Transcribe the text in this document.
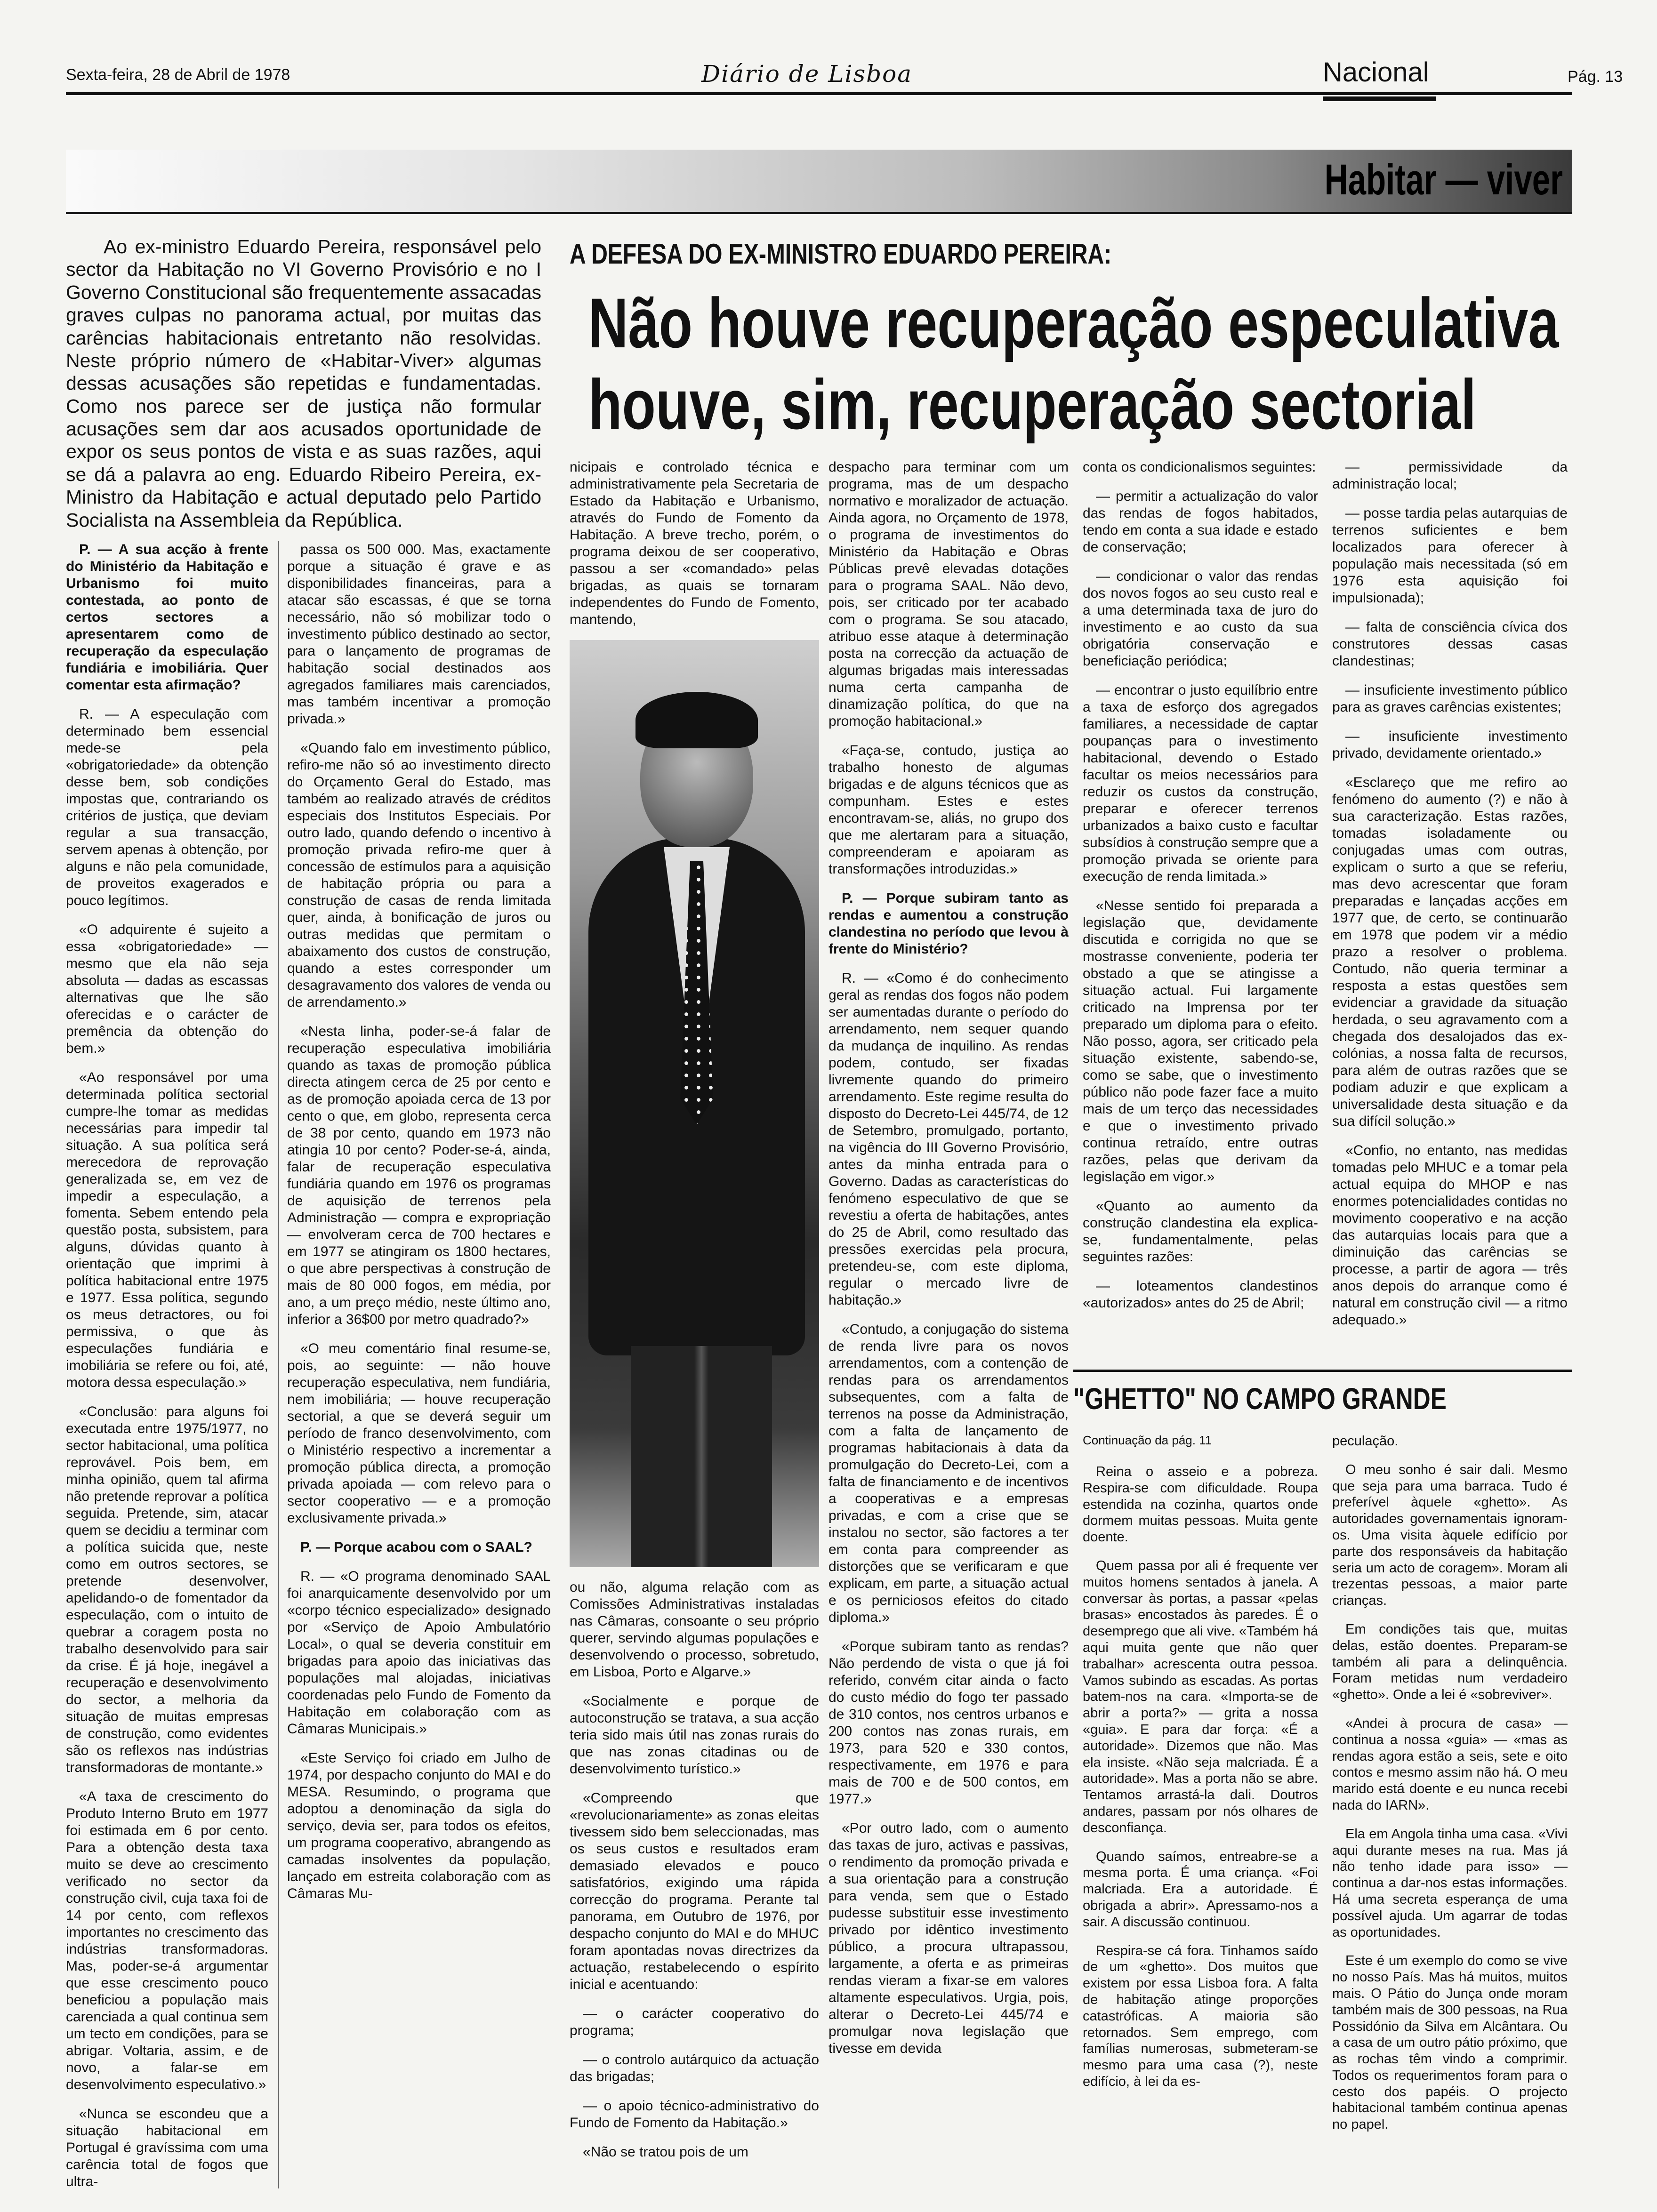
Sexta-feira, 28 de Abril de 1978	Diário de Lisboa	Nacional	Pág. 13
Habitar — viver
Ao ex-ministro Eduardo Pereira, responsável pelo sector da Habitação no VI Governo Provisório e no I Governo Constitucional são frequentemente assacadas graves culpas no panorama actual, por muitas das carências habitacionais entretanto não resolvidas. Neste próprio número de «Habitar-Viver» algumas dessas acusações são repetidas e fundamentadas. Como nos parece ser de justiça não formular acusações sem dar aos acusados oportunidade de expor os seus pontos de vista e as suas razões, aqui se dá a palavra ao eng. Eduardo Ribeiro Pereira, ex-Ministro da Habitação e actual deputado pelo Partido Socialista na Assembleia da República.
A DEFESA DO EX-MINISTRO EDUARDO PEREIRA:
Não houve recuperação especulativa
houve, sim, recuperação sectorial

P. — A sua acção à frente do Ministério da Habitação e Urbanismo foi muito contestada, ao ponto de certos sectores a apresentarem como de recuperação da especulação fundiária e imobiliária. Quer comentar esta afirmação?

R. — A especulação com determinado bem essencial mede-se pela «obrigatoriedade» da obtenção desse bem, sob condições impostas que, contrariando os critérios de justiça, que deviam regular a sua transacção, servem apenas à obtenção, por alguns e não pela comunidade, de proveitos exagerados e pouco legítimos.

«O adquirente é sujeito a essa «obrigatoriedade» — mesmo que ela não seja absoluta — dadas as escassas alternativas que lhe são oferecidas e o carácter de premência da obtenção do bem.»

«Ao responsável por uma determinada política sectorial cumpre-lhe tomar as medidas necessárias para impedir tal situação. A sua política será merecedora de reprovação generalizada se, em vez de impedir a especulação, a fomenta. Sebem entendo pela questão posta, subsistem, para alguns, dúvidas quanto à orientação que imprimi à política habitacional entre 1975 e 1977. Essa política, segundo os meus detractores, ou foi permissiva, o que às especulações fundiária e imobiliária se refere ou foi, até, motora dessa especulação.»

«Conclusão: para alguns foi executada entre 1975/1977, no sector habitacional, uma política reprovável. Pois bem, em minha opinião, quem tal afirma não pretende reprovar a política seguida. Pretende, sim, atacar quem se decidiu a terminar com a política suicida que, neste como em outros sectores, se pretende desenvolver, apelidando-o de fomentador da especulação, com o intuito de quebrar a coragem posta no trabalho desenvolvido para sair da crise. É já hoje, inegável a recuperação e desenvolvimento do sector, a melhoria da situação de muitas empresas de construção, como evidentes são os reflexos nas indústrias transformadoras de montante.»

«A taxa de crescimento do Produto Interno Bruto em 1977 foi estimada em 6 por cento. Para a obtenção desta taxa muito se deve ao crescimento verificado no sector da construção civil, cuja taxa foi de 14 por cento, com reflexos importantes no crescimento das indústrias transformadoras. Mas, poder-se-á argumentar que esse crescimento pouco beneficiou a população mais carenciada a qual continua sem um tecto em condições, para se abrigar. Voltaria, assim, e de novo, a falar-se em desenvolvimento especulativo.»

«Nunca se escondeu que a situação habitacional em Portugal é gravíssima com uma carência total de fogos que ultra-

passa os 500 000. Mas, exactamente porque a situação é grave e as disponibilidades financeiras, para a atacar são escassas, é que se torna necessário, não só mobilizar todo o investimento público destinado ao sector, para o lançamento de programas de habitação social destinados aos agregados familiares mais carenciados, mas também incentivar a promoção privada.»

«Quando falo em investimento público, refiro-me não só ao investimento directo do Orçamento Geral do Estado, mas também ao realizado através de créditos especiais dos Institutos Especiais. Por outro lado, quando defendo o incentivo à promoção privada refiro-me quer à concessão de estímulos para a aquisição de habitação própria ou para a construção de casas de renda limitada quer, ainda, à bonificação de juros ou outras medidas que permitam o abaixamento dos custos de construção, quando a estes corresponder um desagravamento dos valores de venda ou de arrendamento.»

«Nesta linha, poder-se-á falar de recuperação especulativa imobiliária quando as taxas de promoção pública directa atingem cerca de 25 por cento e as de promoção apoiada cerca de 13 por cento o que, em globo, representa cerca de 38 por cento, quando em 1973 não atingia 10 por cento? Poder-se-á, ainda, falar de recuperação especulativa fundiária quando em 1976 os programas de aquisição de terrenos pela Administração — compra e expropriação — envolveram cerca de 700 hectares e em 1977 se atingiram os 1800 hectares, o que abre perspectivas à construção de mais de 80 000 fogos, em média, por ano, a um preço médio, neste último ano, inferior a 36$00 por metro quadrado?»

«O meu comentário final resume-se, pois, ao seguinte: — não houve recuperação especulativa, nem fundiária, nem imobiliária; — houve recuperação sectorial, a que se deverá seguir um período de franco desenvolvimento, com o Ministério respectivo a incrementar a promoção pública directa, a promoção privada apoiada — com relevo para o sector cooperativo — e a promoção exclusivamente privada.»

P. — Porque acabou com o SAAL?

R. — «O programa denominado SAAL foi anarquicamente desenvolvido por um «corpo técnico especializado» designado por «Serviço de Apoio Ambulatório Local», o qual se deveria constituir em brigadas para apoio das iniciativas das populações mal alojadas, iniciativas coordenadas pelo Fundo de Fomento da Habitação em colaboração com as Câmaras Municipais.»

«Este Serviço foi criado em Julho de 1974, por despacho conjunto do MAI e do MESA. Resumindo, o programa que adoptou a denominação da sigla do serviço, devia ser, para todos os efeitos, um programa cooperativo, abrangendo as camadas insolventes da população, lançado em estreita colaboração com as Câmaras Mu-

nicipais e controlado técnica e administrativamente pela Secretaria de Estado da Habitação e Urbanismo, através do Fundo de Fomento da Habitação. A breve trecho, porém, o programa deixou de ser cooperativo, passou a ser «comandado» pelas brigadas, as quais se tornaram independentes do Fundo de Fomento, mantendo,

ou não, alguma relação com as Comissões Administrativas instaladas nas Câmaras, consoante o seu próprio querer, servindo algumas populações e desenvolvendo o processo, sobretudo, em Lisboa, Porto e Algarve.»

«Socialmente e porque de autoconstrução se tratava, a sua acção teria sido mais útil nas zonas rurais do que nas zonas citadinas ou de desenvolvimento turístico.»

«Compreendo que «revolucionariamente» as zonas eleitas tivessem sido bem seleccionadas, mas os seus custos e resultados eram demasiado elevados e pouco satisfatórios, exigindo uma rápida correcção do programa. Perante tal panorama, em Outubro de 1976, por despacho conjunto do MAI e do MHUC foram apontadas novas directrizes da actuação, restabelecendo o espírito inicial e acentuando:

— o carácter cooperativo do programa;

— o controlo autárquico da actuação das brigadas;

— o apoio técnico-administrativo do Fundo de Fomento da Habitação.»

«Não se tratou pois de um

despacho para terminar com um programa, mas de um despacho normativo e moralizador de actuação. Ainda agora, no Orçamento de 1978, o programa de investimentos do Ministério da Habitação e Obras Públicas prevê elevadas dotações para o programa SAAL. Não devo, pois, ser criticado por ter acabado com o programa. Se sou atacado, atribuo esse ataque à determinação posta na correcção da actuação de algumas brigadas mais interessadas numa certa campanha de dinamização política, do que na promoção habitacional.»

«Faça-se, contudo, justiça ao trabalho honesto de algumas brigadas e de alguns técnicos que as compunham. Estes e estes encontravam-se, aliás, no grupo dos que me alertaram para a situação, compreenderam e apoiaram as transformações introduzidas.»

P. — Porque subiram tanto as rendas e aumentou a construção clandestina no período que levou à frente do Ministério?

R. — «Como é do conhecimento geral as rendas dos fogos não podem ser aumentadas durante o período do arrendamento, nem sequer quando da mudança de inquilino. As rendas podem, contudo, ser fixadas livremente quando do primeiro arrendamento. Este regime resulta do disposto do Decreto-Lei 445/74, de 12 de Setembro, promulgado, portanto, na vigência do III Governo Provisório, antes da minha entrada para o Governo. Dadas as características do fenómeno especulativo de que se revestiu a oferta de habitações, antes do 25 de Abril, como resultado das pressões exercidas pela procura, pretendeu-se, com este diploma, regular o mercado livre de habitação.»

«Contudo, a conjugação do sistema de renda livre para os novos arrendamentos, com a contenção de rendas para os arrendamentos subsequentes, com a falta de terrenos na posse da Administração, com a falta de lançamento de programas habitacionais à data da promulgação do Decreto-Lei, com a falta de financiamento e de incentivos a cooperativas e a empresas privadas, e com a crise que se instalou no sector, são factores a ter em conta para compreender as distorções que se verificaram e que explicam, em parte, a situação actual e os perniciosos efeitos do citado diploma.»

«Porque subiram tanto as rendas? Não perdendo de vista o que já foi referido, convém citar ainda o facto do custo médio do fogo ter passado de 310 contos, nos centros urbanos e 200 contos nas zonas rurais, em 1973, para 520 e 330 contos, respectivamente, em 1976 e para mais de 700 e de 500 contos, em 1977.»

«Por outro lado, com o aumento das taxas de juro, activas e passivas, o rendimento da promoção privada e a sua orientação para a construção para venda, sem que o Estado pudesse substituir esse investimento privado por idêntico investimento público, a procura ultrapassou, largamente, a oferta e as primeiras rendas vieram a fixar-se em valores altamente especulativos. Urgia, pois, alterar o Decreto-Lei 445/74 e promulgar nova legislação que tivesse em devida

conta os condicionalismos seguintes:

— permitir a actualização do valor das rendas de fogos habitados, tendo em conta a sua idade e estado de conservação;

— condicionar o valor das rendas dos novos fogos ao seu custo real e a uma determinada taxa de juro do investimento e ao custo da sua obrigatória conservação e beneficiação periódica;

— encontrar o justo equilíbrio entre a taxa de esforço dos agregados familiares, a necessidade de captar poupanças para o investimento habitacional, devendo o Estado facultar os meios necessários para reduzir os custos da construção, preparar e oferecer terrenos urbanizados a baixo custo e facultar subsídios à construção sempre que a promoção privada se oriente para execução de renda limitada.»

«Nesse sentido foi preparada a legislação que, devidamente discutida e corrigida no que se mostrasse conveniente, poderia ter obstado a que se atingisse a situação actual. Fui largamente criticado na Imprensa por ter preparado um diploma para o efeito. Não posso, agora, ser criticado pela situação existente, sabendo-se, como se sabe, que o investimento público não pode fazer face a muito mais de um terço das necessidades e que o investimento privado continua retraído, entre outras razões, pelas que derivam da legislação em vigor.»

«Quanto ao aumento da construção clandestina ela explica-se, fundamentalmente, pelas seguintes razões:

— loteamentos clandestinos «autorizados» antes do 25 de Abril;

— permissividade da administração local;

— posse tardia pelas autarquias de terrenos suficientes e bem localizados para oferecer à população mais necessitada (só em 1976 esta aquisição foi impulsionada);

— falta de consciência cívica dos construtores dessas casas clandestinas;

— insuficiente investimento público para as graves carências existentes;

— insuficiente investimento privado, devidamente orientado.»

«Esclareço que me refiro ao fenómeno do aumento (?) e não à sua caracterização. Estas razões, tomadas isoladamente ou conjugadas umas com outras, explicam o surto a que se referiu, mas devo acrescentar que foram preparadas e lançadas acções em 1977 que, de certo, se continuarão em 1978 que podem vir a médio prazo a resolver o problema. Contudo, não queria terminar a resposta a estas questões sem evidenciar a gravidade da situação herdada, o seu agravamento com a chegada dos desalojados das ex-colónias, a nossa falta de recursos, para além de outras razões que se podiam aduzir e que explicam a universalidade desta situação e da sua difícil solução.»

«Confio, no entanto, nas medidas tomadas pelo MHUC e a tomar pela actual equipa do MHOP e nas enormes potencialidades contidas no movimento cooperativo e na acção das autarquias locais para que a diminuição das carências se processe, a partir de agora — três anos depois do arranque como é natural em construção civil — a ritmo adequado.»

"GHETTO" NO CAMPO GRANDE
Continuação da pág. 11

Reina o asseio e a pobreza. Respira-se com dificuldade. Roupa estendida na cozinha, quartos onde dormem muitas pessoas. Muita gente doente.

Quem passa por ali é frequente ver muitos homens sentados à janela. A conversar às portas, a passar «pelas brasas» encostados às paredes. É o desemprego que ali vive. «Também há aqui muita gente que não quer trabalhar» acrescenta outra pessoa. Vamos subindo as escadas. As portas batem-nos na cara. «Importa-se de abrir a porta?» — grita a nossa «guia». E para dar força: «É a autoridade». Dizemos que não. Mas ela insiste. «Não seja malcriada. É a autoridade». Mas a porta não se abre. Tentamos arrastá-la dali. Doutros andares, passam por nós olhares de desconfiança.

Quando saímos, entreabre-se a mesma porta. É uma criança. «Foi malcriada. Era a autoridade. É obrigada a abrir». Apressamo-nos a sair. A discussão continuou.

Respira-se cá fora. Tinhamos saído de um «ghetto». Dos muitos que existem por essa Lisboa fora. A falta de habitação atinge proporções catastróficas. A maioria são retornados. Sem emprego, com famílias numerosas, submeteram-se mesmo para uma casa (?), neste edifício, à lei da es-

peculação.

O meu sonho é sair dali. Mesmo que seja para uma barraca. Tudo é preferível àquele «ghetto». As autoridades governamentais ignoram-os. Uma visita àquele edifício por parte dos responsáveis da habitação seria um acto de coragem». Moram ali trezentas pessoas, a maior parte crianças.

Em condições tais que, muitas delas, estão doentes. Preparam-se também ali para a delinquência. Foram metidas num verdadeiro «ghetto». Onde a lei é «sobreviver».

«Andei à procura de casa» — continua a nossa «guia» — «mas as rendas agora estão a seis, sete e oito contos e mesmo assim não há. O meu marido está doente e eu nunca recebi nada do IARN».

Ela em Angola tinha uma casa. «Vivi aqui durante meses na rua. Mas já não tenho idade para isso» — continua a dar-nos estas informações. Há uma secreta esperança de uma possível ajuda. Um agarrar de todas as oportunidades.

Este é um exemplo do como se vive no nosso País. Mas há muitos, muitos mais. O Pátio do Junça onde moram também mais de 300 pessoas, na Rua Possidónio da Silva em Alcântara. Ou a casa de um outro pátio próximo, que as rochas têm vindo a comprimir. Todos os requerimentos foram para o cesto dos papéis. O projecto habitacional também continua apenas no papel.
